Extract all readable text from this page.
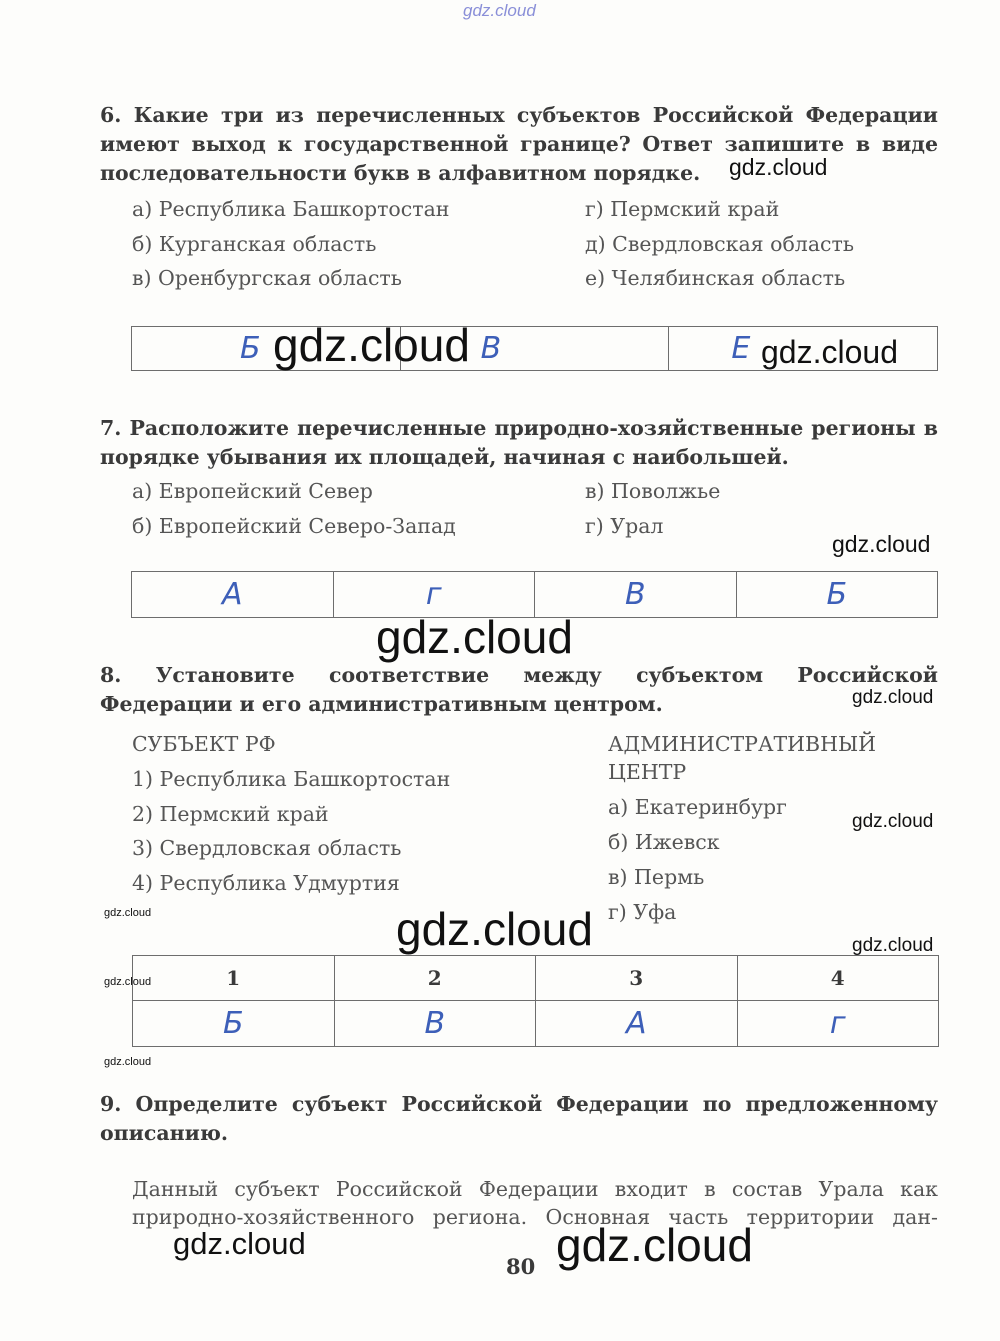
gdz.cloud
6. Какие три из перечисленных субъектов Российской Федерации имеют выход к государственной границе? Ответ запишите в виде последовательности букв в алфавитном порядке.
а) Республика Башкортостан
б) Курганская область
в) Оренбургская область
г) Пермский край
д) Свердловская область
е) Челябинская область
gdz.cloud
Б	В	Е
gdz.cloud	gdz.cloud
7. Расположите перечисленные природно-хозяйственные регионы в порядке убывания их площадей, начиная с наибольшей.
а) Европейский Север
б) Европейский Северо-Запад
в) Поволжье
г) Урал
gdz.cloud
А	г	В	Б
gdz.cloud
8. Установите соответствие между субъектом Российской Федерации и его административным центром.	gdz.cloud
СУБЪЕКТ РФ
1) Республика Башкортостан
2) Пермский край
3) Свердловская область
4) Республика Удмуртия
АДМИНИСТРАТИВНЫЙ
ЦЕНТР
а) Екатеринбург
б) Ижевск
в) Пермь
г) Уфа
gdz.cloud
gdz.cloud	gdz.cloud	gdz.cloud
1	2	3	4
Б	В	А	г
gdz.cloud
gdz.cloud
9. Определите субъект Российской Федерации по предложенному описанию.
Данный субъект Российской Федерации входит в состав Урала как
природно-хозяйственного региона. Основная часть территории дан-
gdz.cloud	gdz.cloud
80
